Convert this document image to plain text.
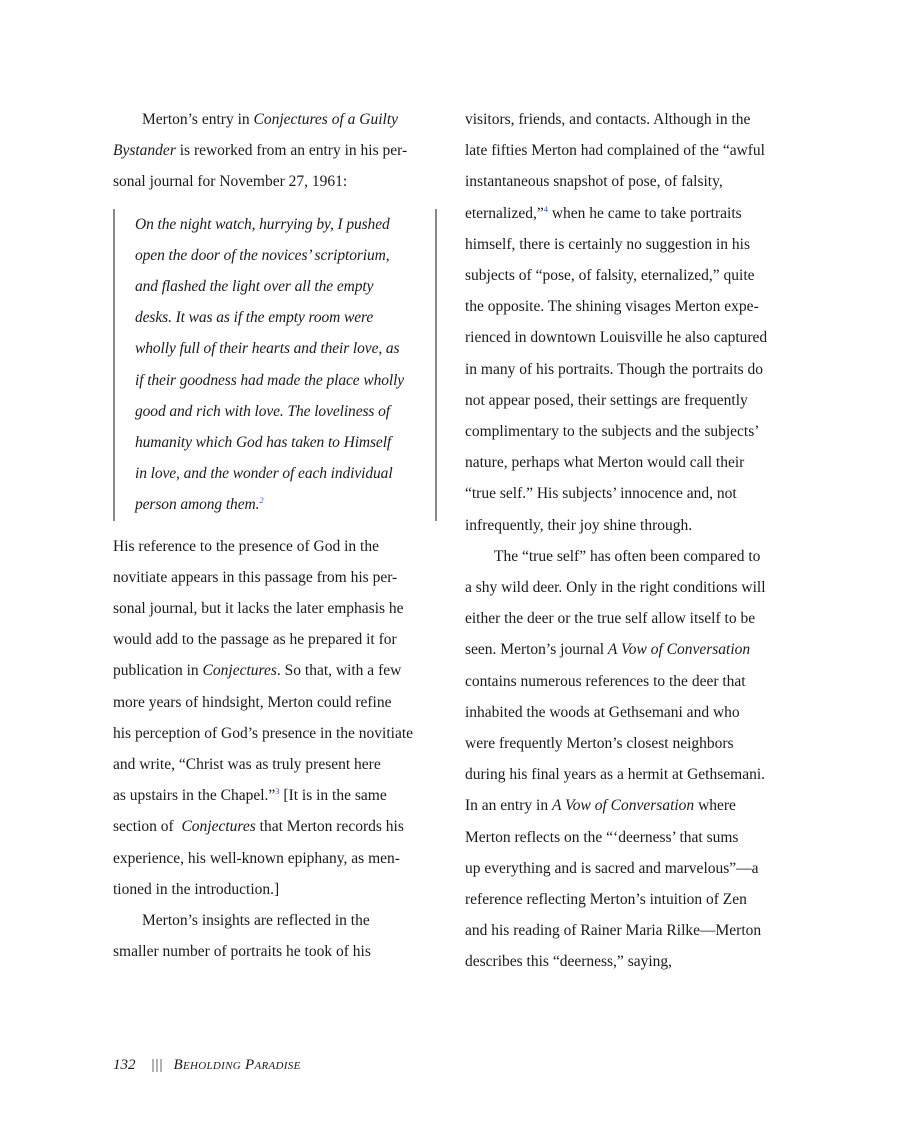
Merton’s entry in Conjectures of a Guilty
Bystander is reworked from an entry in his per-
sonal journal for November 27, 1961:

On the night watch, hurrying by, I pushed
open the door of the novices’ scriptorium,
and flashed the light over all the empty
desks. It was as if the empty room were
wholly full of their hearts and their love, as
if their goodness had made the place wholly
good and rich with love. The loveliness of
humanity which God has taken to Himself
in love, and the wonder of each individual
person among them.$^2$

His reference to the presence of God in the
novitiate appears in this passage from his per-
sonal journal, but it lacks the later emphasis he
would add to the passage as he prepared it for
publication in Conjectures. So that, with a few
more years of hindsight, Merton could refine
his perception of God’s presence in the novitiate
and write, “Christ was as truly present here
as upstairs in the Chapel.”$^3$ [It is in the same
section of  Conjectures that Merton records his
experience, his well-known epiphany, as men-
tioned in the introduction.]

Merton’s insights are reflected in the
smaller number of portraits he took of his

visitors, friends, and contacts. Although in the
late fifties Merton had complained of the “awful
instantaneous snapshot of pose, of falsity,
eternalized,”$^4$ when he came to take portraits
himself, there is certainly no suggestion in his
subjects of “pose, of falsity, eternalized,” quite
the opposite. The shining visages Merton expe-
rienced in downtown Louisville he also captured
in many of his portraits. Though the portraits do
not appear posed, their settings are frequently
complimentary to the subjects and the subjects’
nature, perhaps what Merton would call their
“true self.” His subjects’ innocence and, not
infrequently, their joy shine through.

The “true self” has often been compared to
a shy wild deer. Only in the right conditions will
either the deer or the true self allow itself to be
seen. Merton’s journal A Vow of Conversation
contains numerous references to the deer that
inhabited the woods at Gethsemani and who
were frequently Merton’s closest neighbors
during his final years as a hermit at Gethsemani.
In an entry in A Vow of Conversation where
Merton reflects on the “‘deerness’ that sums
up everything and is sacred and marvelous”—a
reference reflecting Merton’s intuition of Zen
and his reading of Rainer Maria Rilke—Merton
describes this “deerness,” saying,

132 ||| Beholding Paradise
